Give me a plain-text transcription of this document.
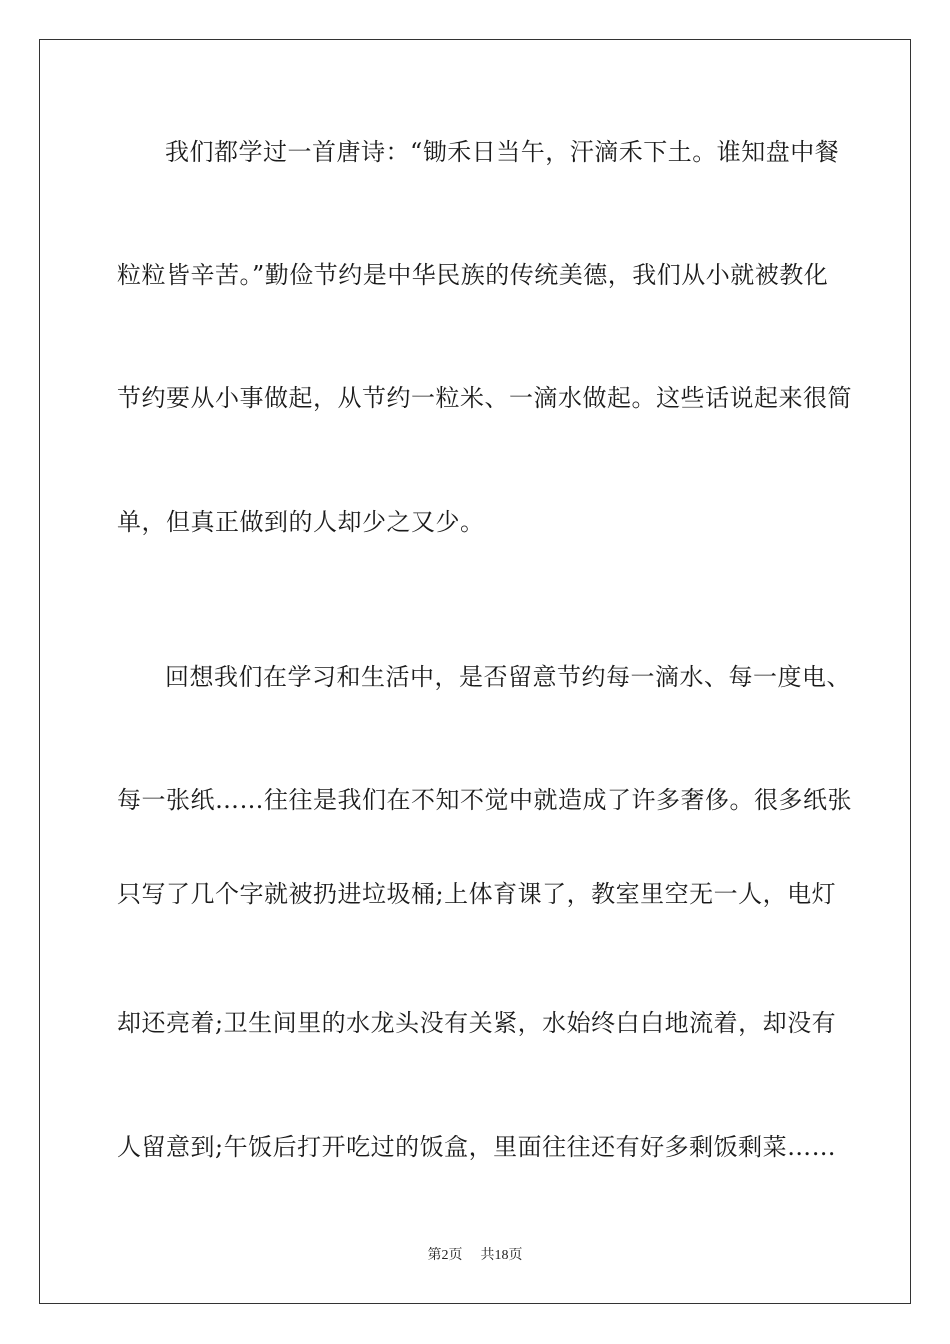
我们都学过一首唐诗：“锄禾日当午，汗滴禾下土。谁知盘中餐
粒粒皆辛苦。”勤俭节约是中华民族的传统美德，我们从小就被教化
节约要从小事做起，从节约一粒米、一滴水做起。这些话说起来很简
单，但真正做到的人却少之又少。
回想我们在学习和生活中，是否留意节约每一滴水、每一度电、
每一张纸……往往是我们在不知不觉中就造成了许多奢侈。很多纸张
只写了几个字就被扔进垃圾桶;上体育课了，教室里空无一人，电灯
却还亮着;卫生间里的水龙头没有关紧，水始终白白地流着，却没有
人留意到;午饭后打开吃过的饭盒，里面往往还有好多剩饭剩菜……
第2页 共18页
